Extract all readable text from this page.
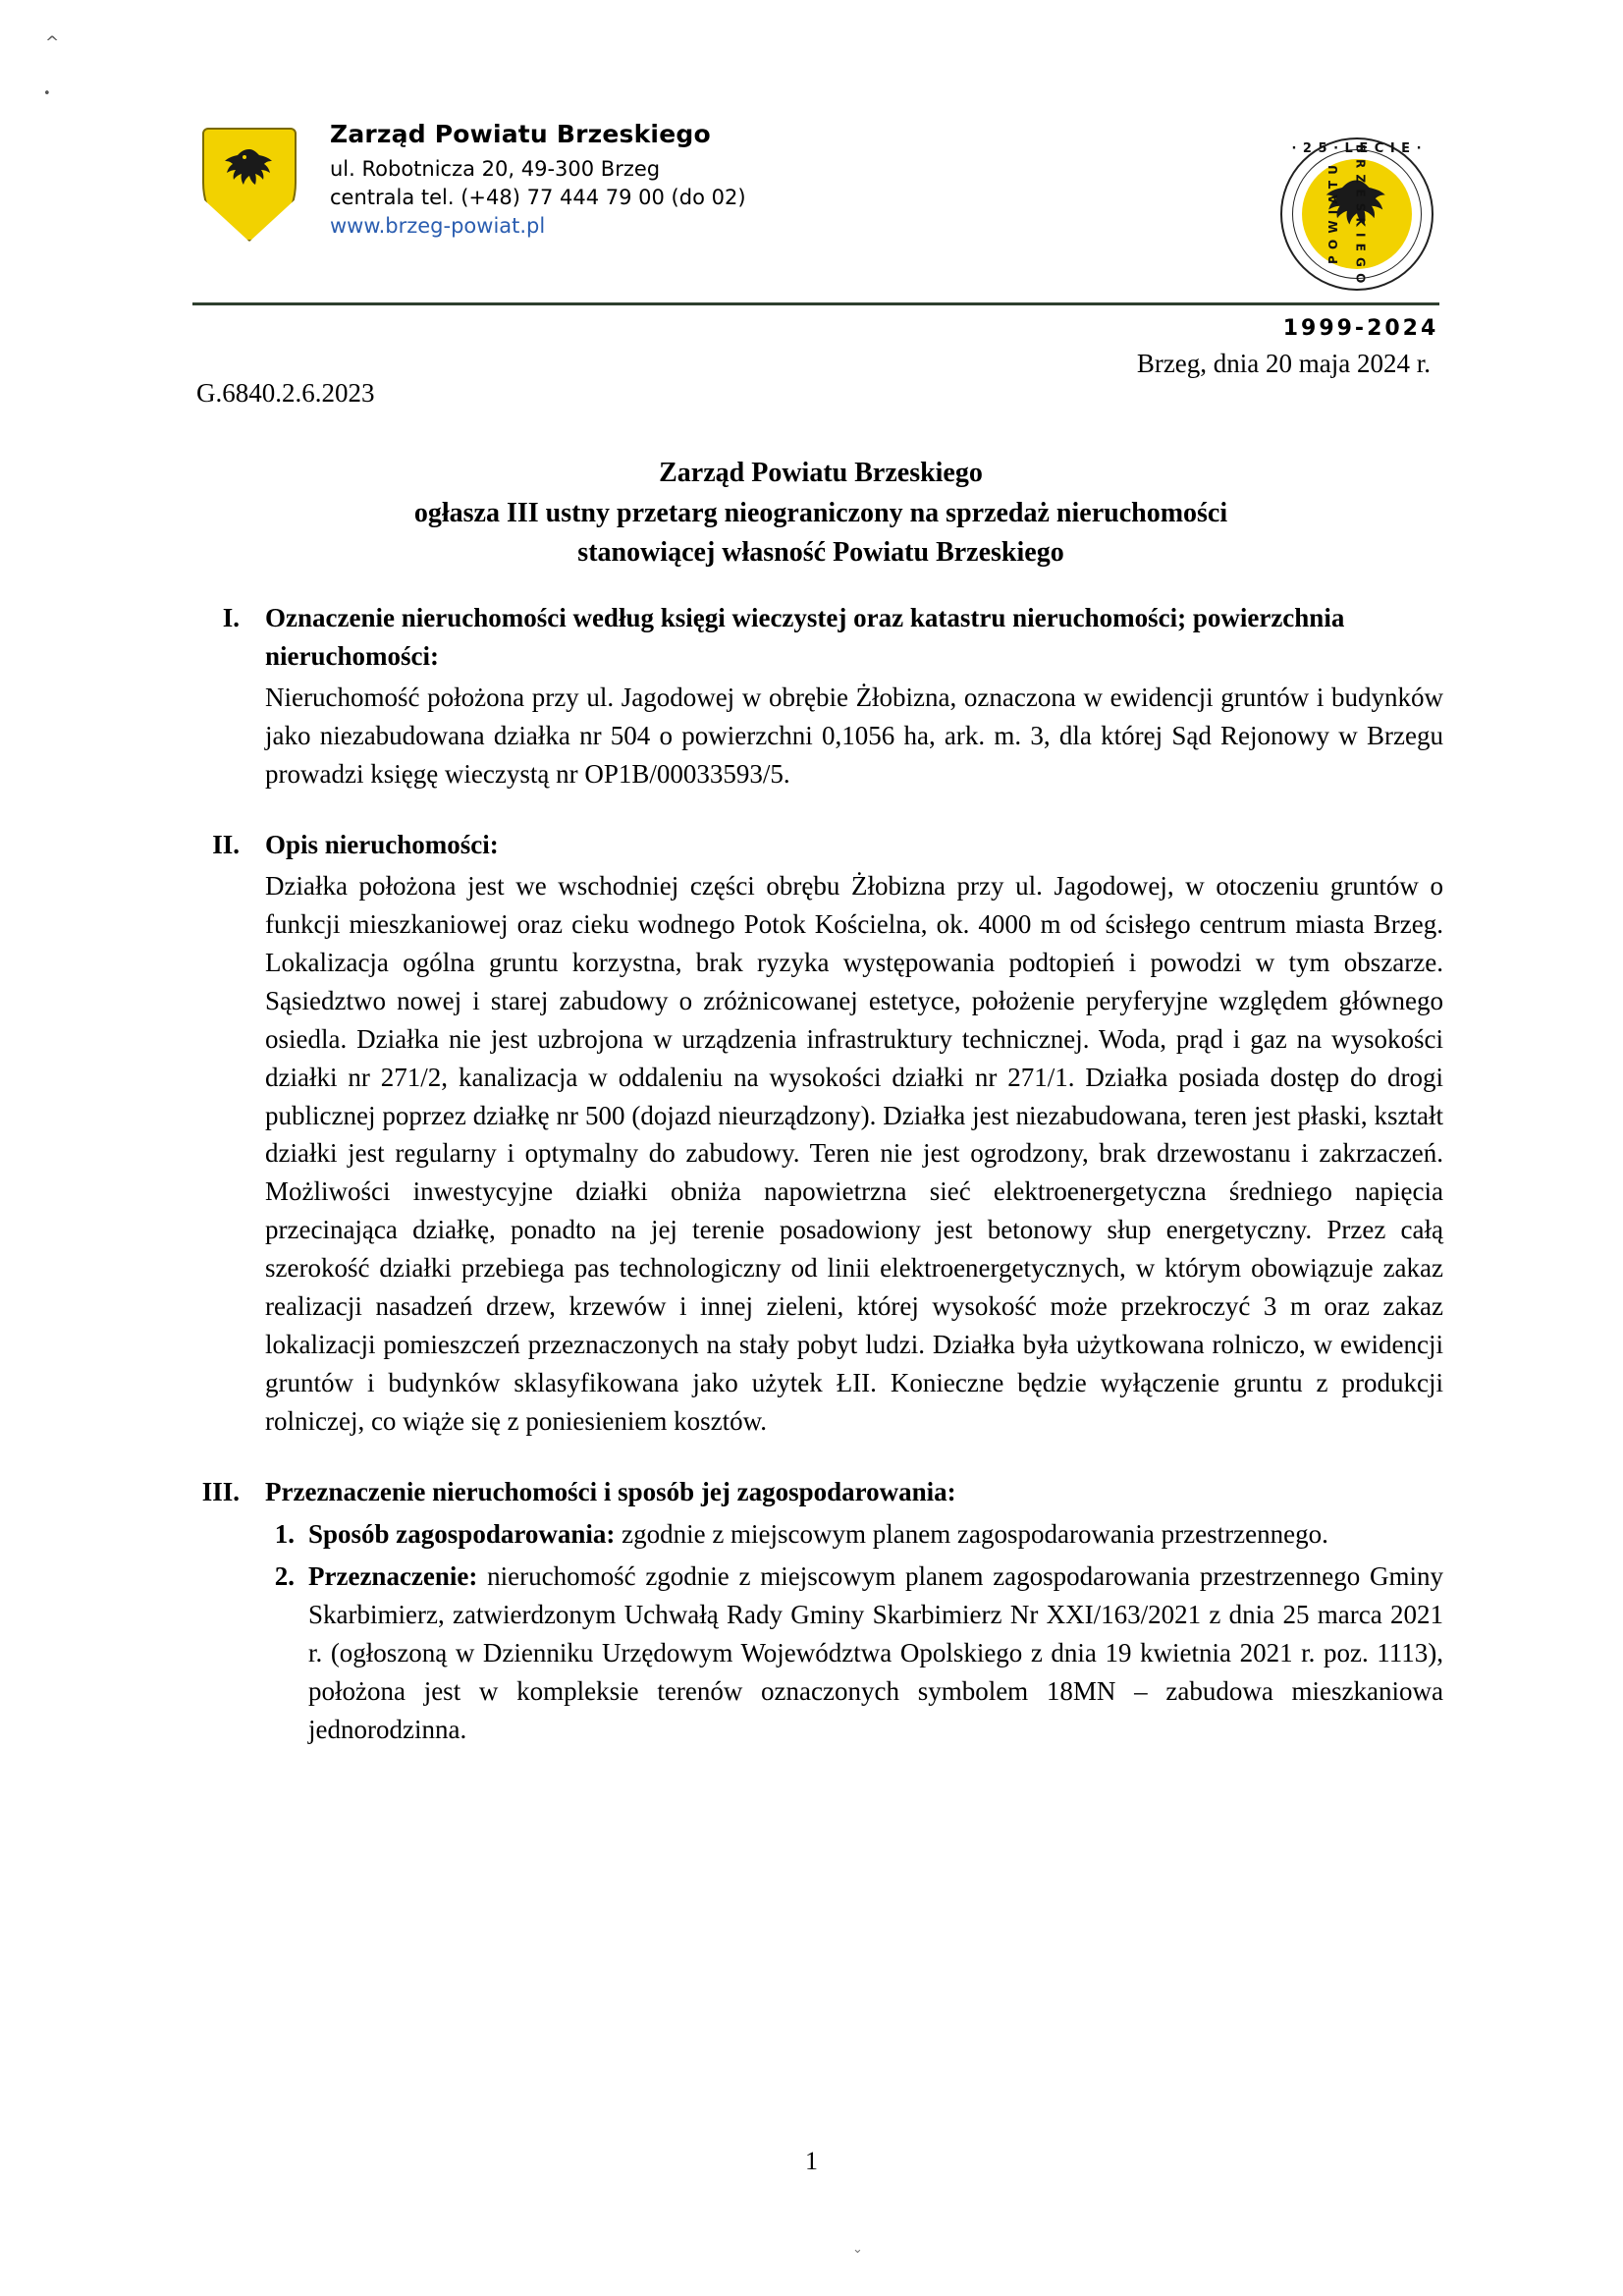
^
•
⌄
Zarząd Powiatu Brzeskiego
ul. Robotnicza 20, 49-300 Brzeg
centrala tel. (+48) 77 444 79 00 (do 02)
www.brzeg-powiat.pl
· 2 5 · L E C I E ·
P O W I A T U B R Z E S K I E G O
1999-2024
Brzeg, dnia 20 maja 2024 r.
G.6840.2.6.2023
Zarząd Powiatu Brzeskiego
ogłasza III ustny przetarg nieograniczony na sprzedaż nieruchomości
stanowiącej własność Powiatu Brzeskiego
I. Oznaczenie nieruchomości według księgi wieczystej oraz katastru nieruchomości; powierzchnia nieruchomości:
Nieruchomość położona przy ul. Jagodowej w obrębie Żłobizna, oznaczona w ewidencji gruntów i budynków jako niezabudowana działka nr 504 o powierzchni 0,1056 ha, ark. m. 3, dla której Sąd Rejonowy w Brzegu prowadzi księgę wieczystą nr OP1B/00033593/5.
II. Opis nieruchomości:
Działka położona jest we wschodniej części obrębu Żłobizna przy ul. Jagodowej, w otoczeniu gruntów o funkcji mieszkaniowej oraz cieku wodnego Potok Kościelna, ok. 4000 m od ścisłego centrum miasta Brzeg. Lokalizacja ogólna gruntu korzystna, brak ryzyka występowania podtopień i powodzi w tym obszarze. Sąsiedztwo nowej i starej zabudowy o zróżnicowanej estetyce, położenie peryferyjne względem głównego osiedla. Działka nie jest uzbrojona w urządzenia infrastruktury technicznej. Woda, prąd i gaz na wysokości działki nr 271/2, kanalizacja w oddaleniu na wysokości działki nr 271/1. Działka posiada dostęp do drogi publicznej poprzez działkę nr 500 (dojazd nieurządzony). Działka jest niezabudowana, teren jest płaski, kształt działki jest regularny i optymalny do zabudowy. Teren nie jest ogrodzony, brak drzewostanu i zakrzaczeń. Możliwości inwestycyjne działki obniża napowietrzna sieć elektroenergetyczna średniego napięcia przecinająca działkę, ponadto na jej terenie posadowiony jest betonowy słup energetyczny. Przez całą szerokość działki przebiega pas technologiczny od linii elektroenergetycznych, w którym obowiązuje zakaz realizacji nasadzeń drzew, krzewów i innej zieleni, której wysokość może przekroczyć 3 m oraz zakaz lokalizacji pomieszczeń przeznaczonych na stały pobyt ludzi. Działka była użytkowana rolniczo, w ewidencji gruntów i budynków sklasyfikowana jako użytek ŁII. Konieczne będzie wyłączenie gruntu z produkcji rolniczej, co wiąże się z poniesieniem kosztów.
III. Przeznaczenie nieruchomości i sposób jej zagospodarowania:
1. Sposób zagospodarowania: zgodnie z miejscowym planem zagospodarowania przestrzennego.
2. Przeznaczenie: nieruchomość zgodnie z miejscowym planem zagospodarowania przestrzennego Gminy Skarbimierz, zatwierdzonym Uchwałą Rady Gminy Skarbimierz Nr XXI/163/2021 z dnia 25 marca 2021 r. (ogłoszoną w Dzienniku Urzędowym Województwa Opolskiego z dnia 19 kwietnia 2021 r. poz. 1113), położona jest w kompleksie terenów oznaczonych symbolem 18MN – zabudowa mieszkaniowa jednorodzinna.
1
